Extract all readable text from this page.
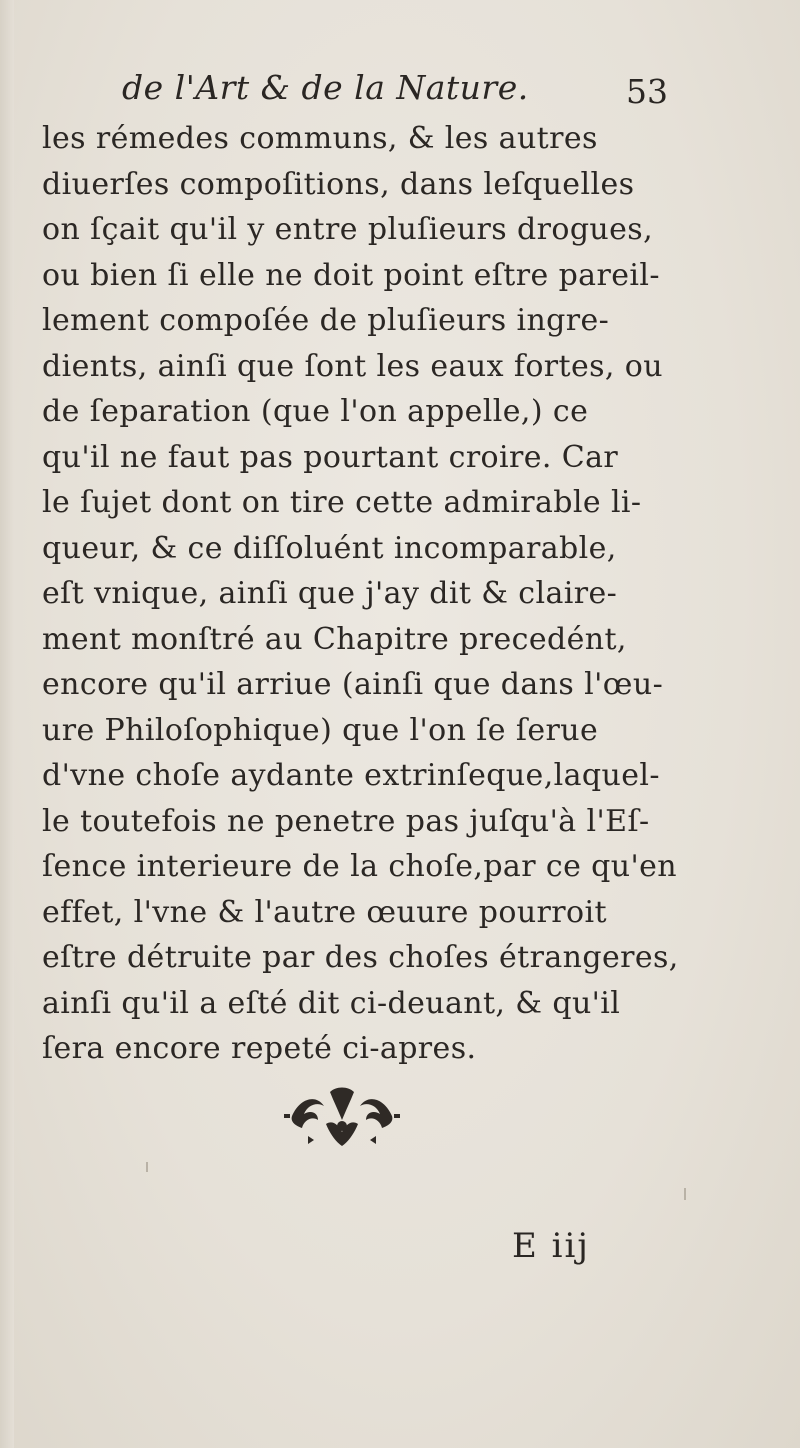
de l'Art & de la Nature.	53
les rémedes communs, & les autres
diuerſes compoſitions, dans leſquelles
on ſçait qu'il y entre pluſieurs drogues,
ou bien ſi elle ne doit point eſtre pareil-
lement compoſée de pluſieurs ingre-
dients, ainſi que ſont les eaux fortes, ou
de ſeparation (que l'on appelle,) ce
qu'il ne faut pas pourtant croire. Car
le ſujet dont on tire cette admirable li-
queur, & ce diſſoluént incomparable,
eſt vnique, ainſi que j'ay dit & claire-
ment monſtré au Chapitre precedént,
encore qu'il arriue (ainſi que dans l'œu-
ure Philoſophique) que l'on ſe ſerue
d'vne choſe aydante extrinſeque,laquel-
le toutefois ne penetre pas juſqu'à l'Eſ-
ſence interieure de la choſe,par ce qu'en
effet, l'vne & l'autre œuure pourroit
eſtre détruite par des choſes étrangeres,
ainſi qu'il a eſté dit ci-deuant, & qu'il
ſera encore repeté ci-apres.
E iij
